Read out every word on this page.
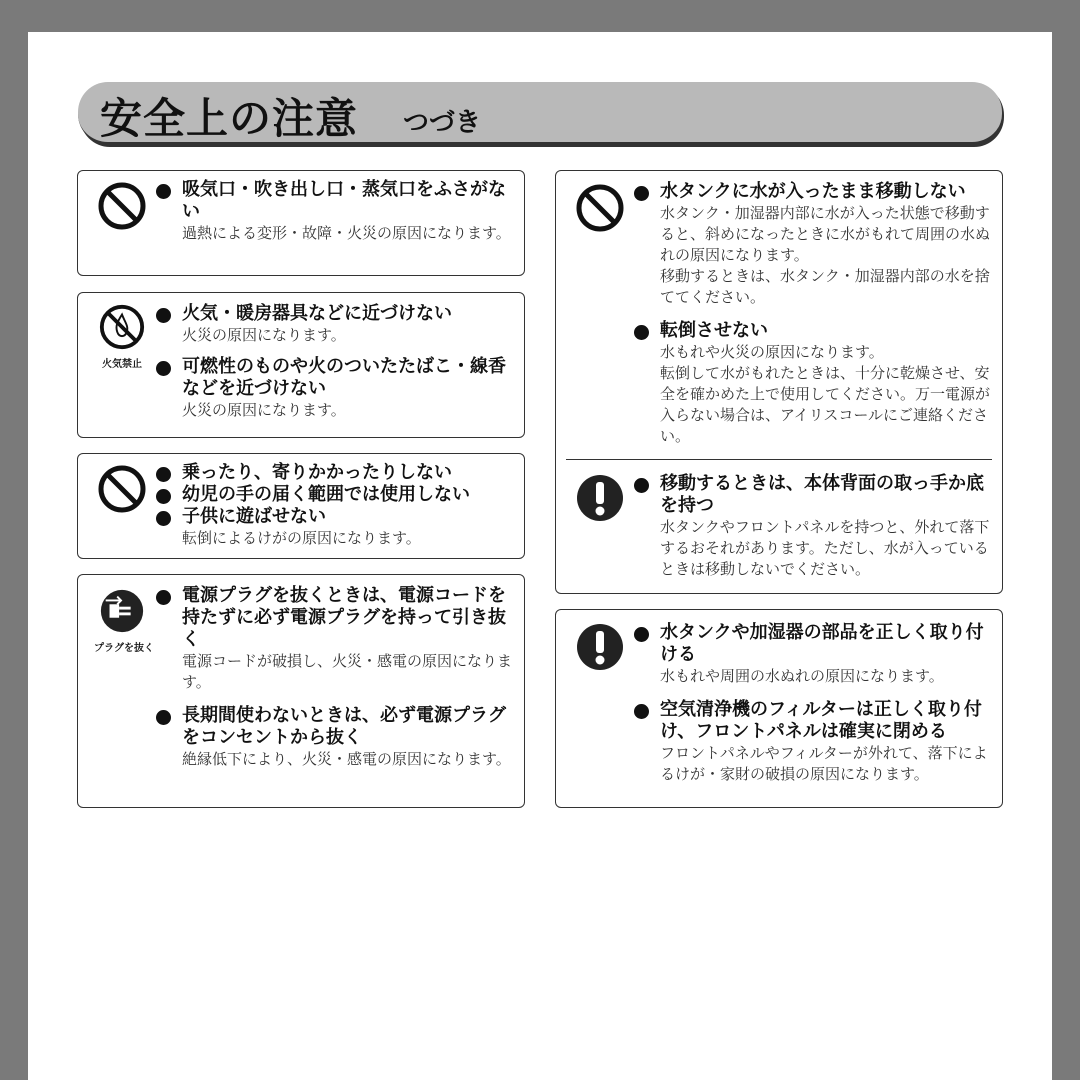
安全上の注意 つづき
吸気口・吹き出し口・蒸気口をふさがない
過熱による変形・故障・火災の原因になります。
火気禁止
火気・暖房器具などに近づけない
火災の原因になります。
可燃性のものや火のついたたばこ・線香などを近づけない
火災の原因になります。
乗ったり、寄りかかったりしない
幼児の手の届く範囲では使用しない
子供に遊ばせない
転倒によるけがの原因になります。
プラグを抜く
電源プラグを抜くときは、電源コードを持たずに必ず電源プラグを持って引き抜く
電源コードが破損し、火災・感電の原因になります。
長期間使わないときは、必ず電源プラグをコンセントから抜く
絶縁低下により、火災・感電の原因になります。
水タンクに水が入ったまま移動しない
水タンク・加湿器内部に水が入った状態で移動すると、斜めになったときに水がもれて周囲の水ぬれの原因になります。
移動するときは、水タンク・加湿器内部の水を捨ててください。
転倒させない
水もれや火災の原因になります。
転倒して水がもれたときは、十分に乾燥させ、安全を確かめた上で使用してください。万一電源が入らない場合は、アイリスコールにご連絡ください。
移動するときは、本体背面の取っ手か底を持つ
水タンクやフロントパネルを持つと、外れて落下するおそれがあります。ただし、水が入っているときは移動しないでください。
水タンクや加湿器の部品を正しく取り付ける
水もれや周囲の水ぬれの原因になります。
空気清浄機のフィルターは正しく取り付け、フロントパネルは確実に閉める
フロントパネルやフィルターが外れて、落下によるけが・家財の破損の原因になります。
